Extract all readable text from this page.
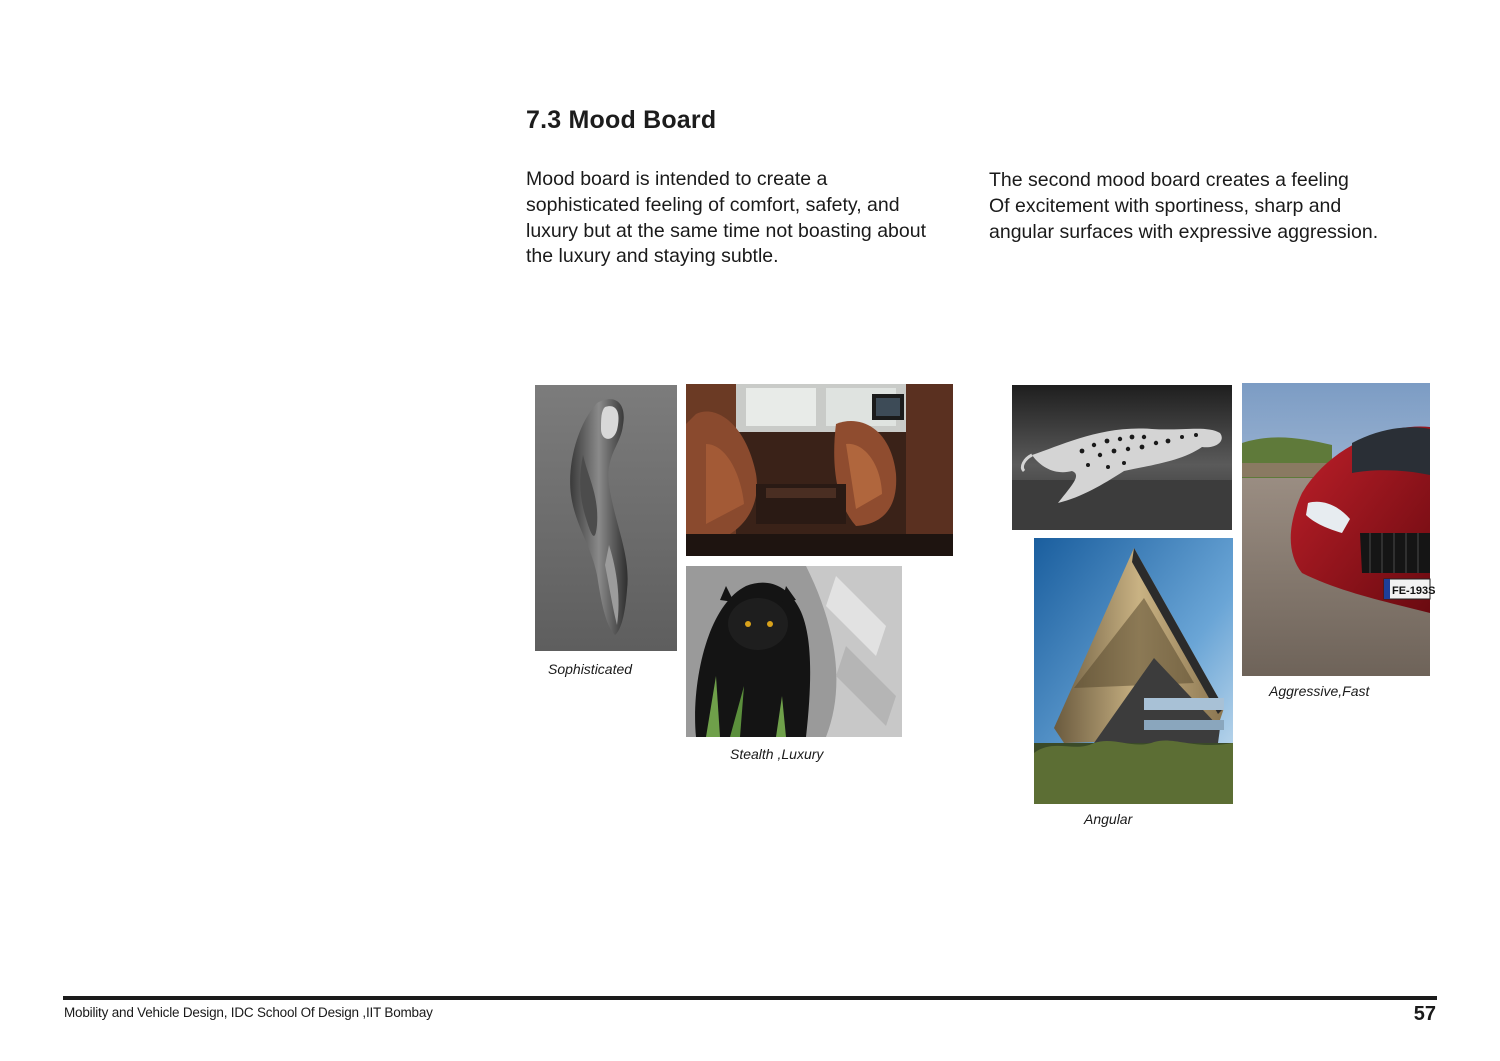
7.3 Mood Board
Mood board is intended to create a
sophisticated feeling of comfort, safety, and
luxury but at the same time not boasting about
the luxury and staying subtle.
The second mood board creates a feeling
Of excitement with sportiness, sharp and
angular surfaces with expressive aggression.
Sophisticated
Stealth ,Luxury
FE-193S
Angular
Aggressive,Fast
Mobility and Vehicle Design, IDC School Of Design ,IIT Bombay	57
